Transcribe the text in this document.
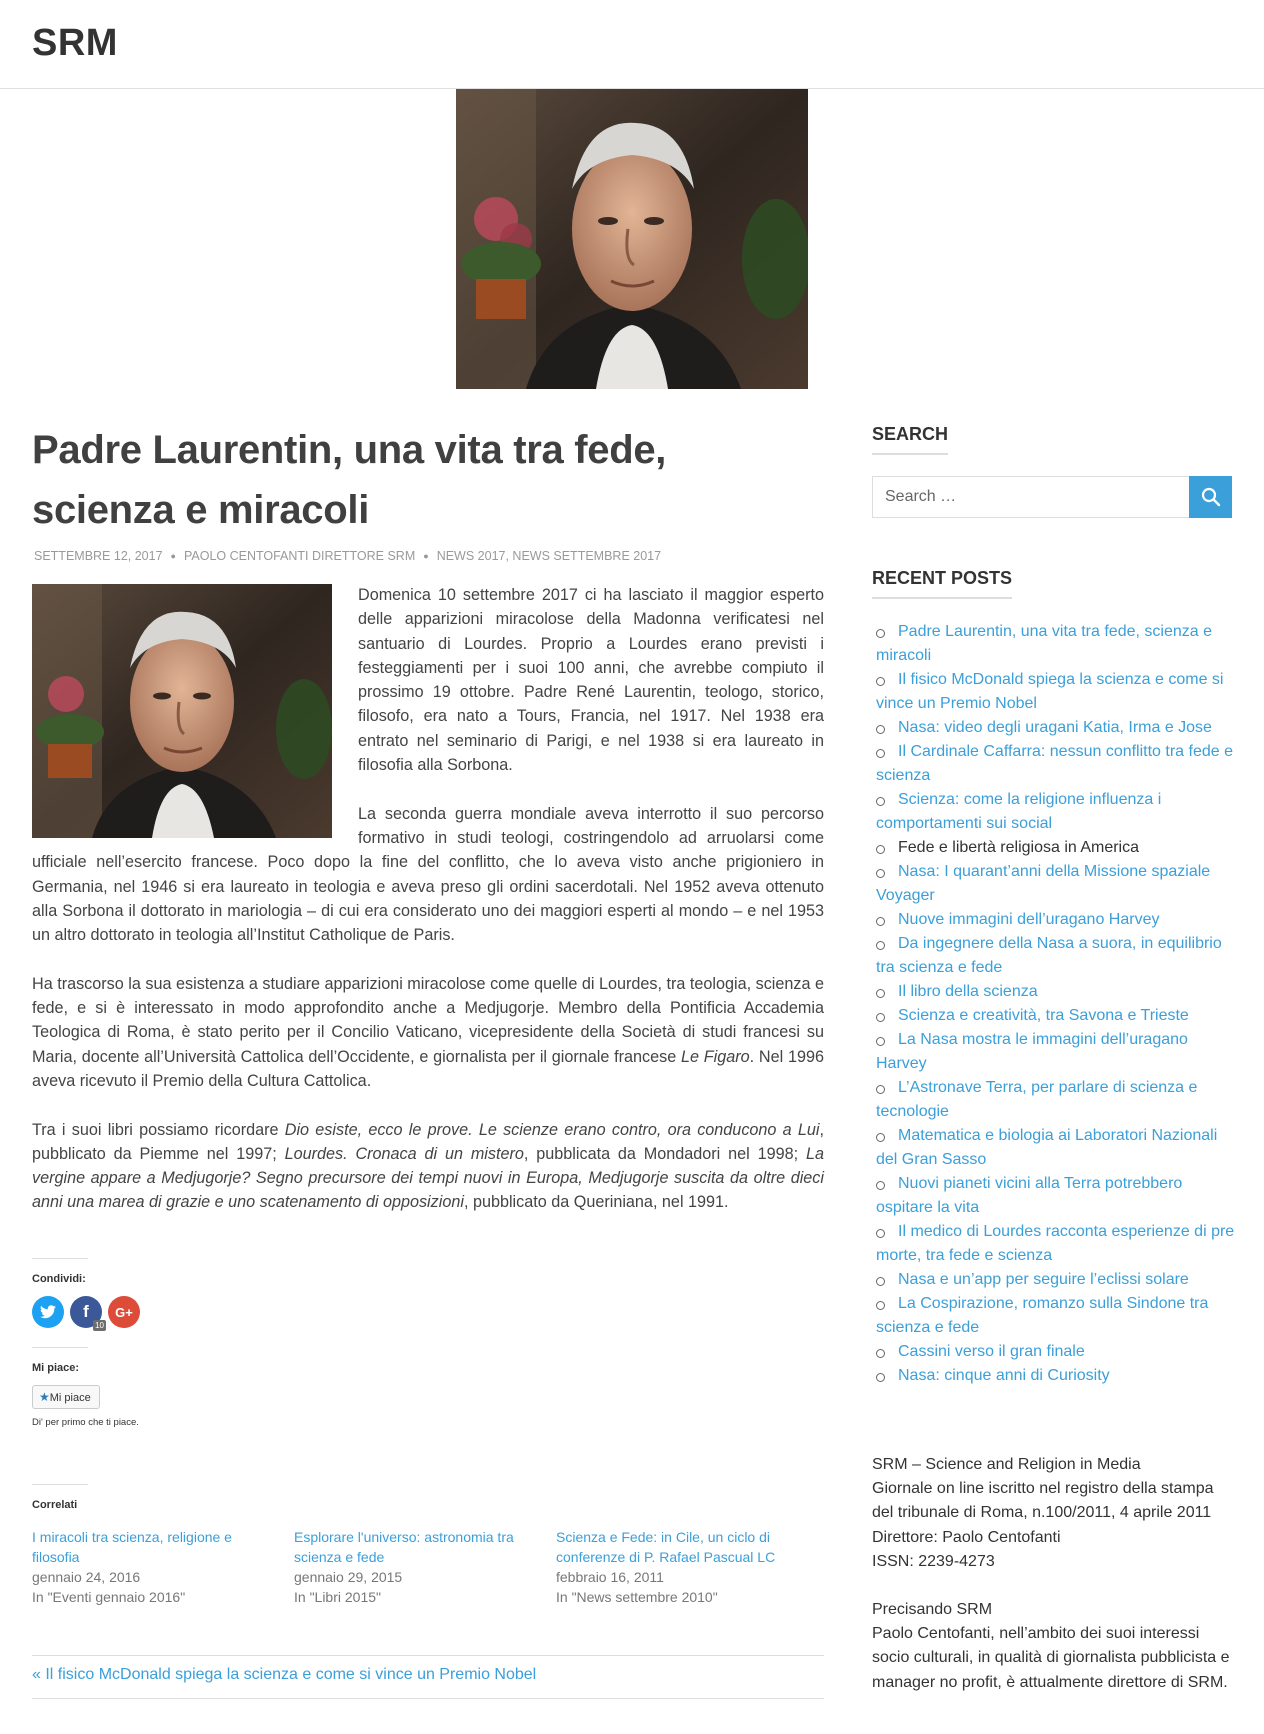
SRM
Padre Laurentin, una vita tra fede, scienza e miracoli
SETTEMBRE 12, 2017 ● PAOLO CENTOFANTI DIRETTORE SRM ● NEWS 2017, NEWS SETTEMBRE 2017

Domenica 10 settembre 2017 ci ha lasciato il maggior esperto delle apparizioni miracolose della Madonna verificatesi nel santuario di Lourdes. Proprio a Lourdes erano previsti i festeggiamenti per i suoi 100 anni, che avrebbe compiuto il prossimo 19 ottobre. Padre René Laurentin, teologo, storico, filosofo, era nato a Tours, Francia, nel 1917. Nel 1938 era entrato nel seminario di Parigi, e nel 1938 si era laureato in filosofia alla Sorbona.

La seconda guerra mondiale aveva interrotto il suo percorso formativo in studi teologi, costringendolo ad arruolarsi come ufficiale nell’esercito francese. Poco dopo la fine del conflitto, che lo aveva visto anche prigioniero in Germania, nel 1946 si era laureato in teologia e aveva preso gli ordini sacerdotali. Nel 1952 aveva ottenuto alla Sorbona il dottorato in mariologia – di cui era considerato uno dei maggiori esperti al mondo – e nel 1953 un altro dottorato in teologia all’Institut Catholique de Paris.

Ha trascorso la sua esistenza a studiare apparizioni miracolose come quelle di Lourdes, tra teologia, scienza e fede, e si è interessato in modo approfondito anche a Medjugorje. Membro della Pontificia Accademia Teologica di Roma, è stato perito per il Concilio Vaticano, vicepresidente della Società di studi francesi su Maria, docente all’Università Cattolica dell’Occidente, e giornalista per il giornale francese Le Figaro. Nel 1996 aveva ricevuto il Premio della Cultura Cattolica.

Tra i suoi libri possiamo ricordare Dio esiste, ecco le prove. Le scienze erano contro, ora conducono a Lui, pubblicato da Piemme nel 1997; Lourdes. Cronaca di un mistero, pubblicata da Mondadori nel 1998; La vergine appare a Medjugorje? Segno precursore dei tempi nuovi in Europa, Medjugorje suscita da oltre dieci anni una marea di grazie e uno scatenamento di opposizioni, pubblicato da Queriniana, nel 1991.

Condividi:
f
10
G+
Mi piace:
★Mi piace
Di' per primo che ti piace.
Correlati
I miracoli tra scienza, religione e filosofia
gennaio 24, 2016
In "Eventi gennaio 2016"
Esplorare l'universo: astronomia tra scienza e fede
gennaio 29, 2015
In "Libri 2015"
Scienza e Fede: in Cile, un ciclo di conferenze di P. Rafael Pascual LC
febbraio 16, 2011
In "News settembre 2010"
« Il fisico McDonald spiega la scienza e come si vince un Premio Nobel
SEARCH
Search …
RECENT POSTS
Padre Laurentin, una vita tra fede, scienza e miracoli
Il fisico McDonald spiega la scienza e come si vince un Premio Nobel
Nasa: video degli uragani Katia, Irma e Jose
Il Cardinale Caffarra: nessun conflitto tra fede e scienza
Scienza: come la religione influenza i comportamenti sui social
Fede e libertà religiosa in America
Nasa: I quarant’anni della Missione spaziale Voyager
Nuove immagini dell’uragano Harvey
Da ingegnere della Nasa a suora, in equilibrio tra scienza e fede
Il libro della scienza
Scienza e creatività, tra Savona e Trieste
La Nasa mostra le immagini dell’uragano Harvey
L’Astronave Terra, per parlare di scienza e tecnologie
Matematica e biologia ai Laboratori Nazionali del Gran Sasso
Nuovi pianeti vicini alla Terra potrebbero ospitare la vita
Il medico di Lourdes racconta esperienze di pre morte, tra fede e scienza
Nasa e un’app per seguire l’eclissi solare
La Cospirazione, romanzo sulla Sindone tra scienza e fede
Cassini verso il gran finale
Nasa: cinque anni di Curiosity

SRM – Science and Religion in Media
Giornale on line iscritto nel registro della stampa del tribunale di Roma, n.100/2011, 4 aprile 2011
Direttore: Paolo Centofanti
ISSN: 2239-4273

Precisando SRM
Paolo Centofanti, nell’ambito dei suoi interessi socio culturali, in qualità di giornalista pubblicista e manager no profit, è attualmente direttore di SRM.
